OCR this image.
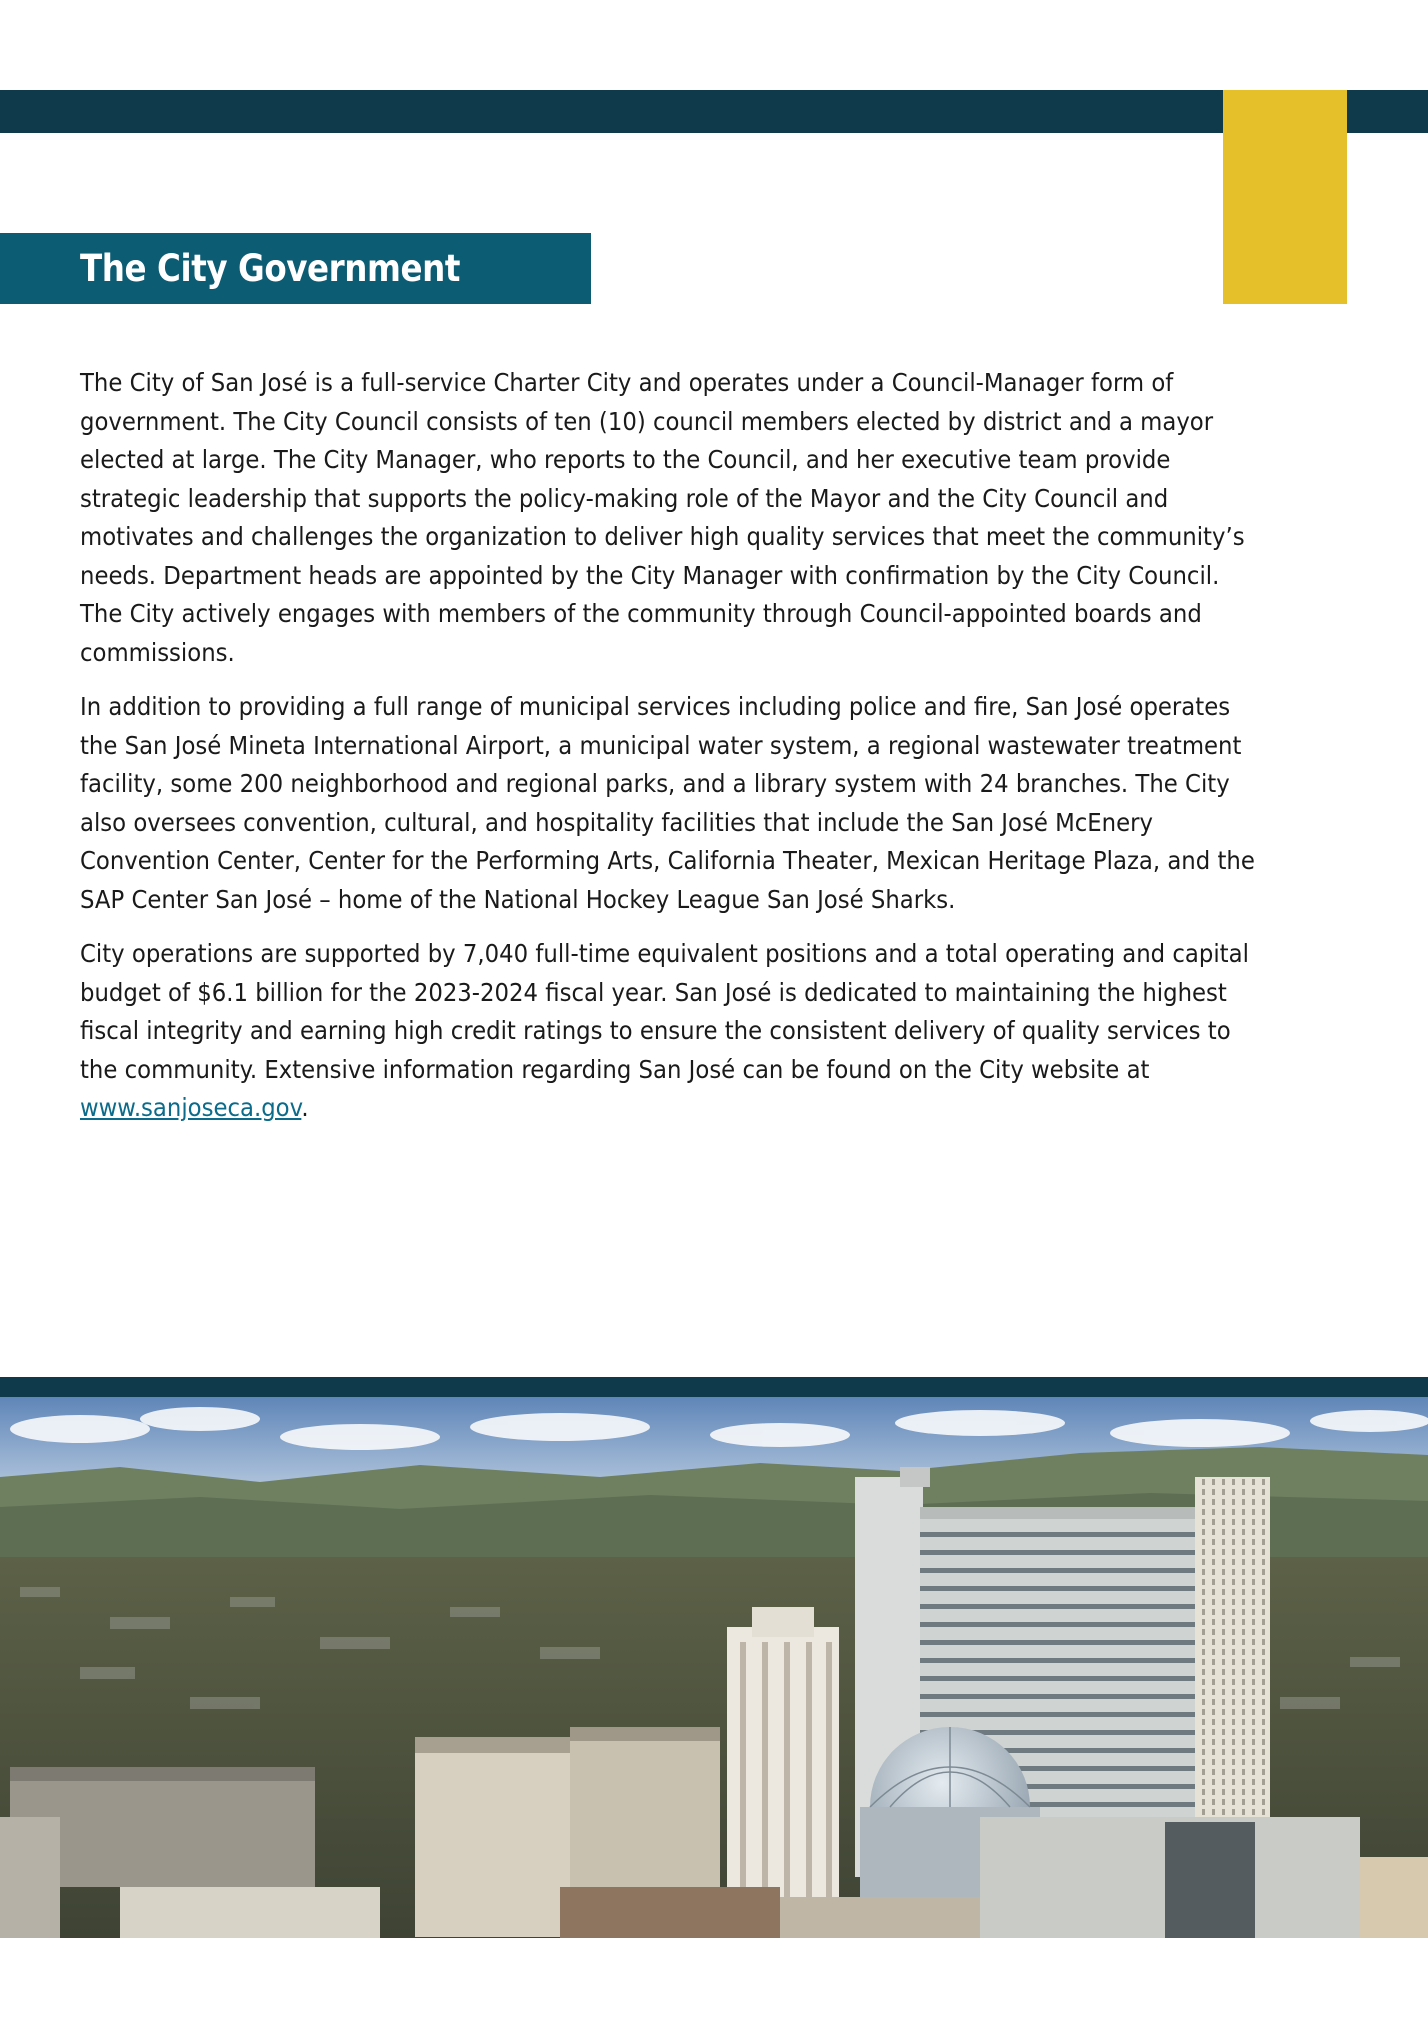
The City Government

The City of San José is a full-service Charter City and operates under a Council-Manager form of government. The City Council consists of ten (10) council members elected by district and a mayor elected at large. The City Manager, who reports to the Council, and her executive team provide strategic leadership that supports the policy-making role of the Mayor and the City Council and motivates and challenges the organization to deliver high quality services that meet the community’s needs. Department heads are appointed by the City Manager with confirmation by the City Council. The City actively engages with members of the community through Council-appointed boards and commissions.

In addition to providing a full range of municipal services including police and fire, San José operates the San José Mineta International Airport, a municipal water system, a regional wastewater treatment facility, some 200 neighborhood and regional parks, and a library system with 24 branches. The City also oversees convention, cultural, and hospitality facilities that include the San José McEnery Convention Center, Center for the Performing Arts, California Theater, Mexican Heritage Plaza, and the SAP Center San José – home of the National Hockey League San José Sharks.

City operations are supported by 7,040 full-time equivalent positions and a total operating and capital budget of $6.1 billion for the 2023-2024 fiscal year. San José is dedicated to maintaining the highest fiscal integrity and earning high credit ratings to ensure the consistent delivery of quality services to the community. Extensive information regarding San José can be found on the City website at www.sanjoseca.gov.
